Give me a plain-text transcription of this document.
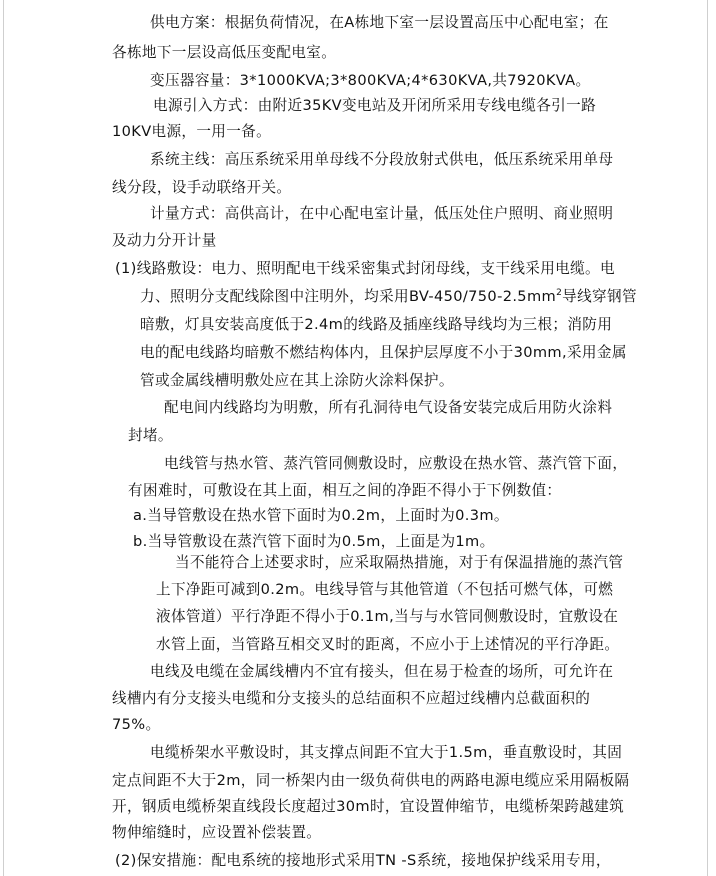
供电方案：根据负荷情况，在A栋地下室一层设置高压中心配电室；在
各栋地下一层设高低压变配电室。
变压器容量：3*1000KVA;3*800KVA;4*630KVA,共7920KVA。
电源引入方式：由附近35KV变电站及开闭所采用专线电缆各引一路
10KV电源，一用一备。
系统主线：高压系统采用单母线不分段放射式供电，低压系统采用单母
线分段，设手动联络开关。
计量方式：高供高计，在中心配电室计量，低压处住户照明、商业照明
及动力分开计量
(1)线路敷设：电力、照明配电干线采密集式封闭母线，支干线采用电缆。电
力、照明分支配线除图中注明外，均采用$BV-450/750-2.5mm^2$导线穿钢管
暗敷，灯具安装高度低于2.4m的线路及插座线路导线均为三根；消防用
电的配电线路均暗敷不燃结构体内，且保护层厚度不小于30mm,采用金属
管或金属线槽明敷处应在其上涂防火涂料保护。
配电间内线路均为明敷，所有孔洞待电气设备安装完成后用防火涂料
封堵。
电线管与热水管、蒸汽管同侧敷设时，应敷设在热水管、蒸汽管下面，
有困难时，可敷设在其上面，相互之间的净距不得小于下例数值：
a.当导管敷设在热水管下面时为0.2m，上面时为0.3m。
b.当导管敷设在蒸汽管下面时为0.5m，上面是为1m。
当不能符合上述要求时，应采取隔热措施，对于有保温措施的蒸汽管
上下净距可减到0.2m。电线导管与其他管道（不包括可燃气体，可燃
液体管道）平行净距不得小于0.1m,当与与水管同侧敷设时，宜敷设在
水管上面，当管路互相交叉时的距离，不应小于上述情况的平行净距。
电线及电缆在金属线槽内不宜有接头，但在易于检查的场所，可允许在
线槽内有分支接头电缆和分支接头的总结面积不应超过线槽内总截面积的
75%。
电缆桥架水平敷设时，其支撑点间距不宜大于1.5m，垂直敷设时，其固
定点间距不大于2m，同一桥架内由一级负荷供电的两路电源电缆应采用隔板隔
开，钢质电缆桥架直线段长度超过30m时，宜设置伸缩节，电缆桥架跨越建筑
物伸缩缝时，应设置补偿装置。
(2)保安措施：配电系统的接地形式采用TN -S系统，接地保护线采用专用，
